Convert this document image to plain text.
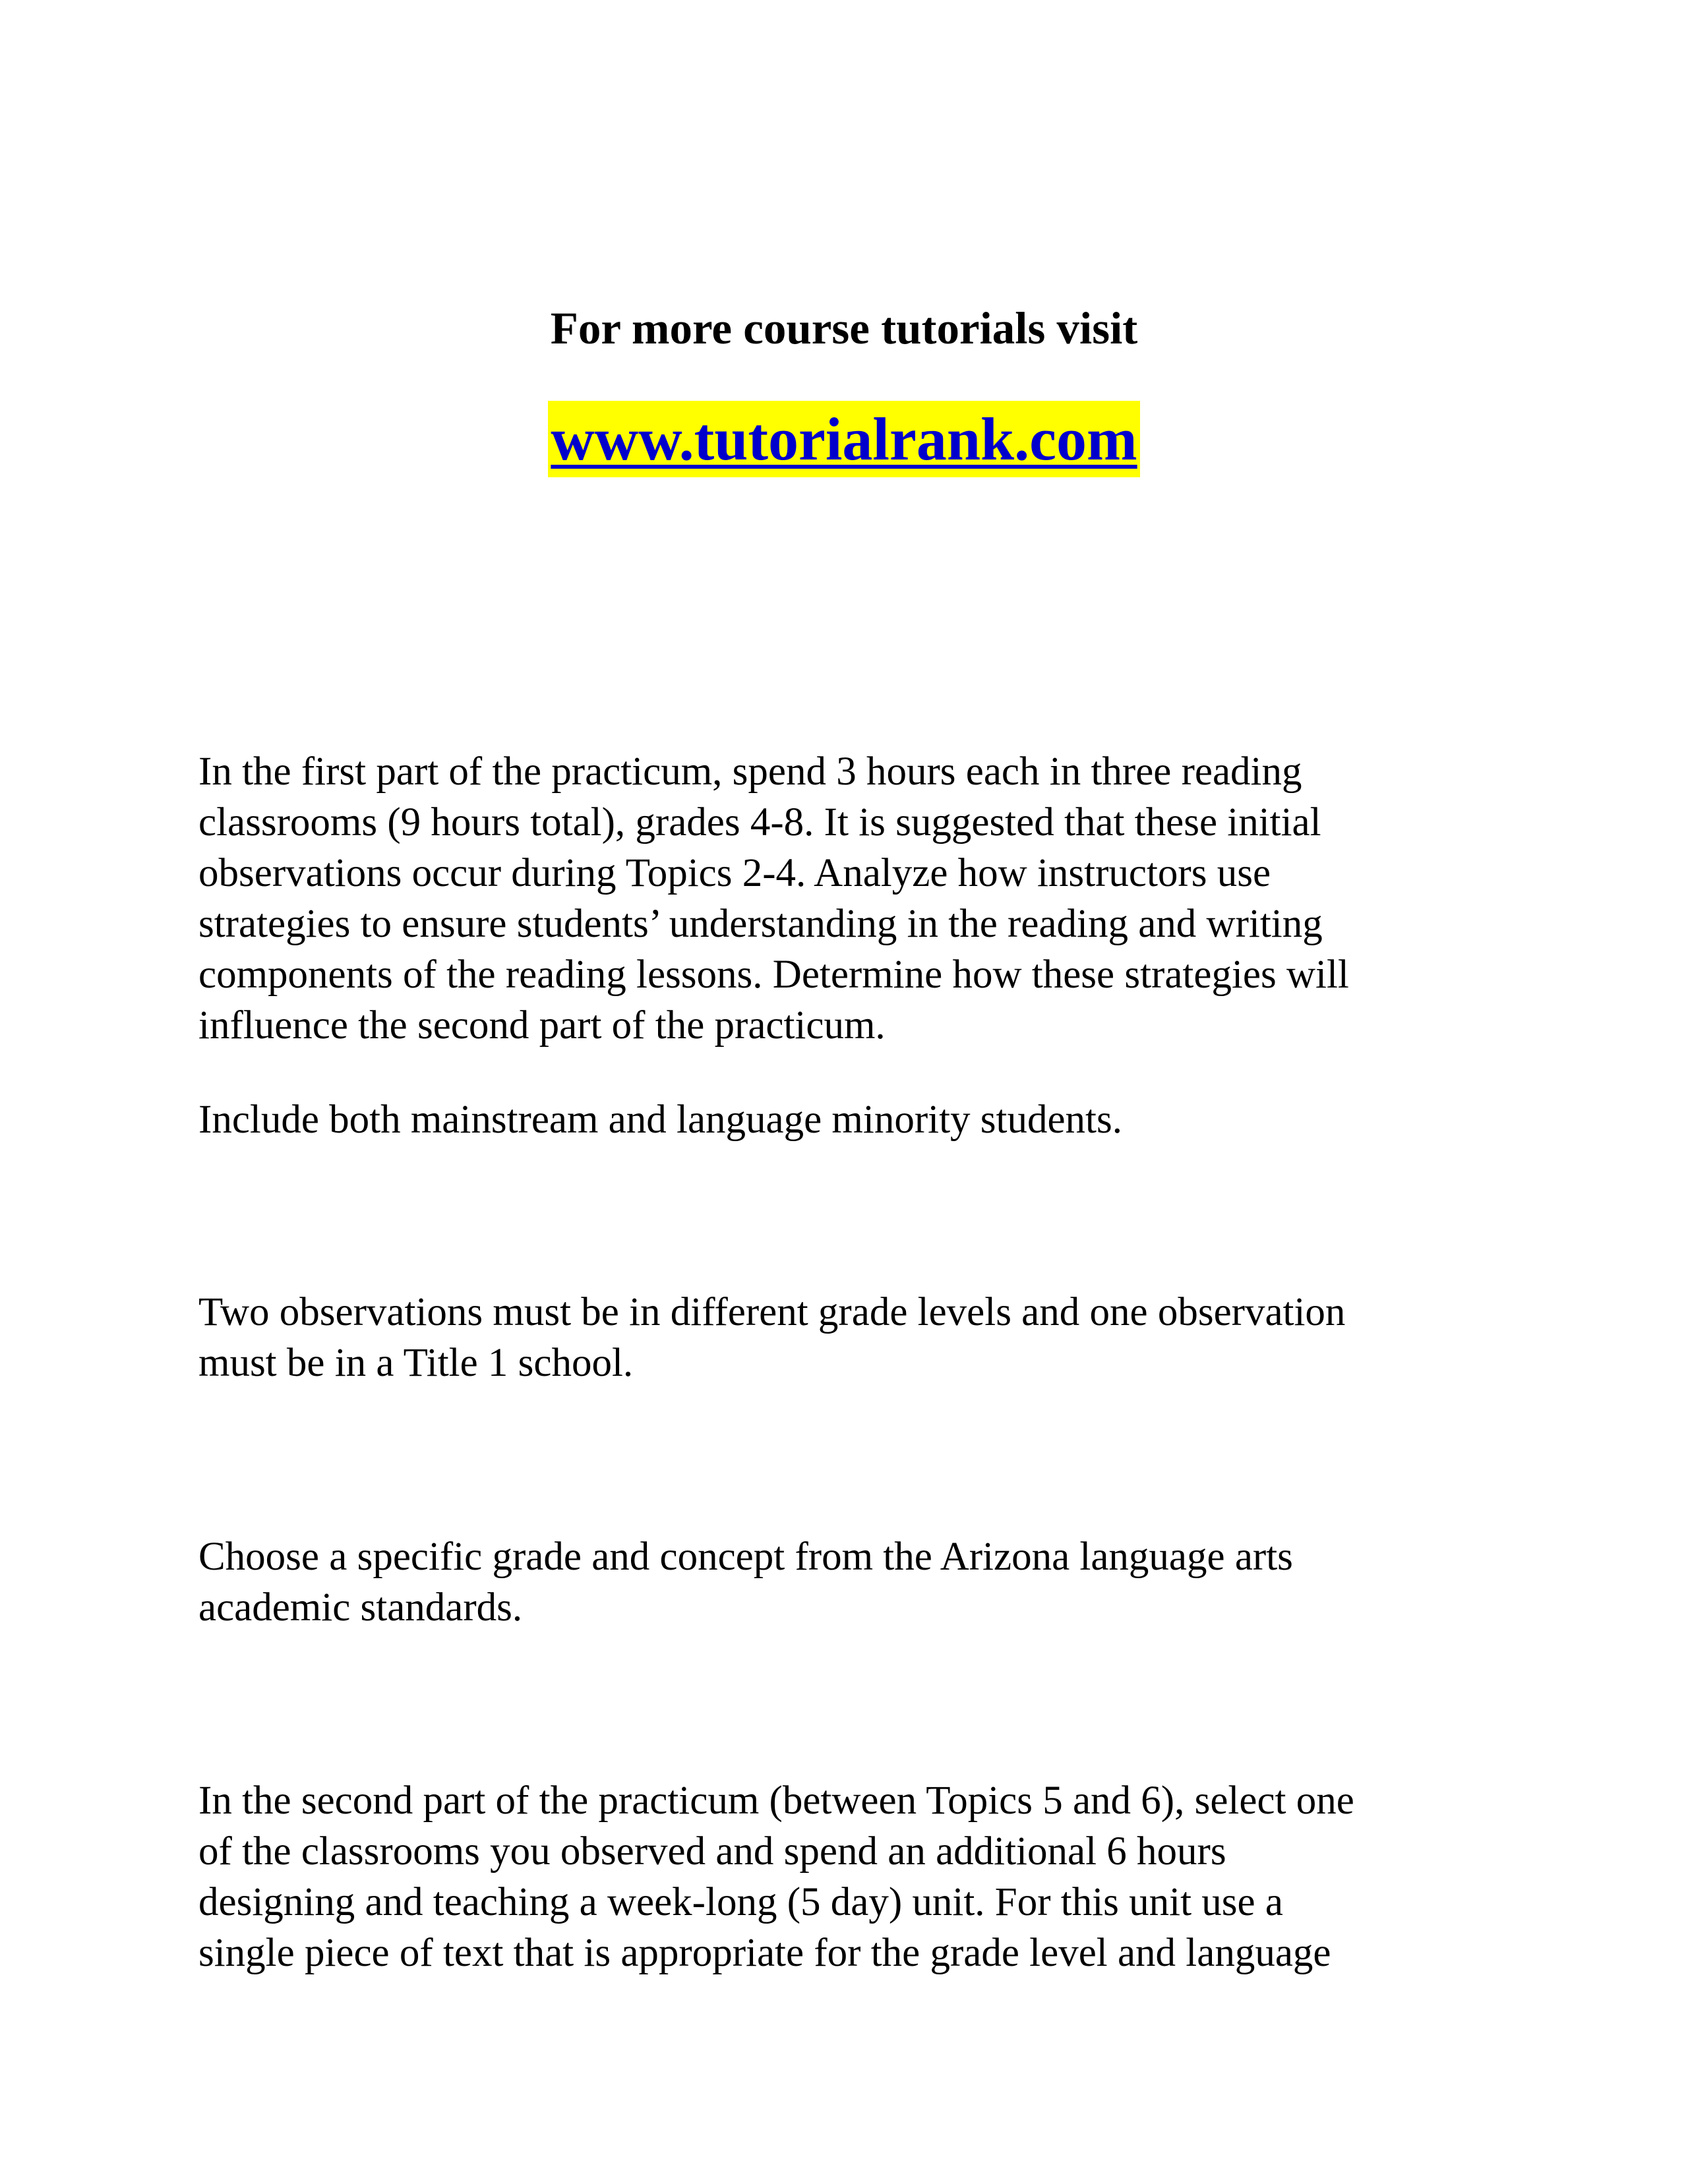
For more course tutorials visit
www.tutorialrank.com

In the first part of the practicum, spend 3 hours each in three reading
classrooms (9 hours total), grades 4-8. It is suggested that these initial
observations occur during Topics 2-4. Analyze how instructors use
strategies to ensure students’ understanding in the reading and writing
components of the reading lessons. Determine how these strategies will
influence the second part of the practicum.

Include both mainstream and language minority students.

Two observations must be in different grade levels and one observation
must be in a Title 1 school.

Choose a specific grade and concept from the Arizona language arts
academic standards.

In the second part of the practicum (between Topics 5 and 6), select one
of the classrooms you observed and spend an additional 6 hours
designing and teaching a week-long (5 day) unit. For this unit use a
single piece of text that is appropriate for the grade level and language
